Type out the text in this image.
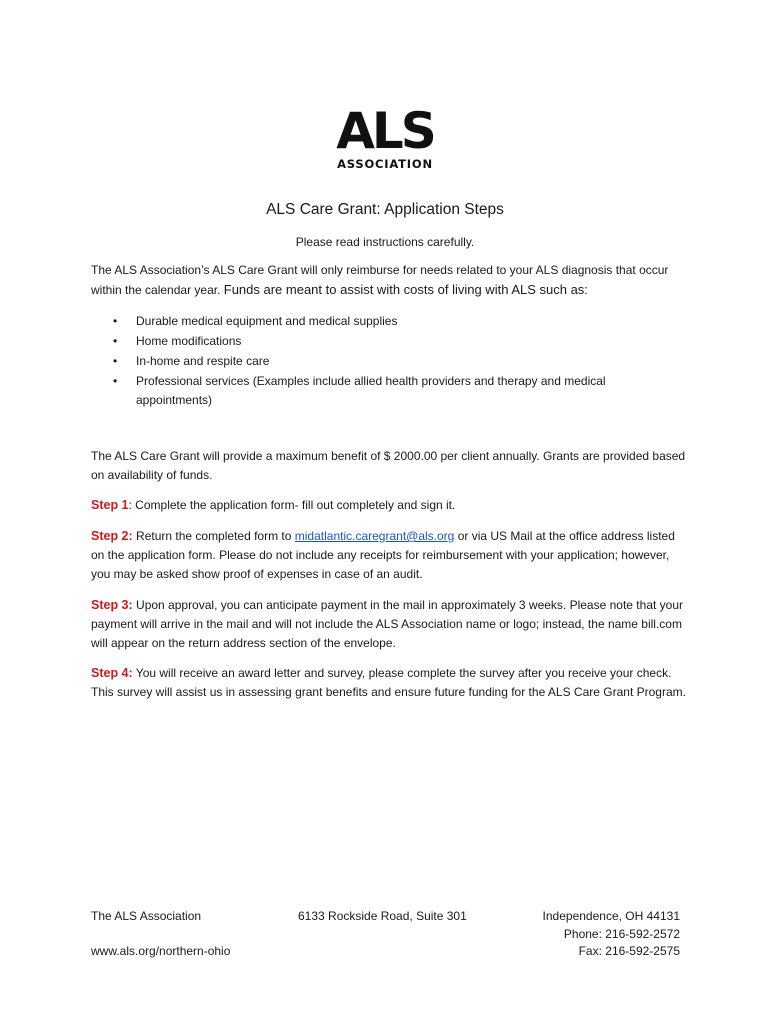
ALS
ASSOCIATION
ALS Care Grant: Application Steps
Please read instructions carefully.
The ALS Association’s ALS Care Grant will only reimburse for needs related to your ALS diagnosis that occur within the calendar year. Funds are meant to assist with costs of living with ALS such as:
• Durable medical equipment and medical supplies
• Home modifications
• In-home and respite care
• Professional services (Examples include allied health providers and therapy and medical appointments)
The ALS Care Grant will provide a maximum benefit of $ 2000.00 per client annually. Grants are provided based on availability of funds.
Step 1: Complete the application form- fill out completely and sign it.
Step 2: Return the completed form to midatlantic.caregrant@als.org or via US Mail at the office address listed on the application form. Please do not include any receipts for reimbursement with your application; however, you may be asked show proof of expenses in case of an audit.
Step 3: Upon approval, you can anticipate payment in the mail in approximately 3 weeks. Please note that your payment will arrive in the mail and will not include the ALS Association name or logo; instead, the name bill.com will appear on the return address section of the envelope.
Step 4: You will receive an award letter and survey, please complete the survey after you receive your check. This survey will assist us in assessing grant benefits and ensure future funding for the ALS Care Grant Program.
The ALS Association	6133 Rockside Road, Suite 301	Independence, OH 44131
Phone: 216-592-2572
www.als.org/northern-ohio	Fax: 216-592-2575
